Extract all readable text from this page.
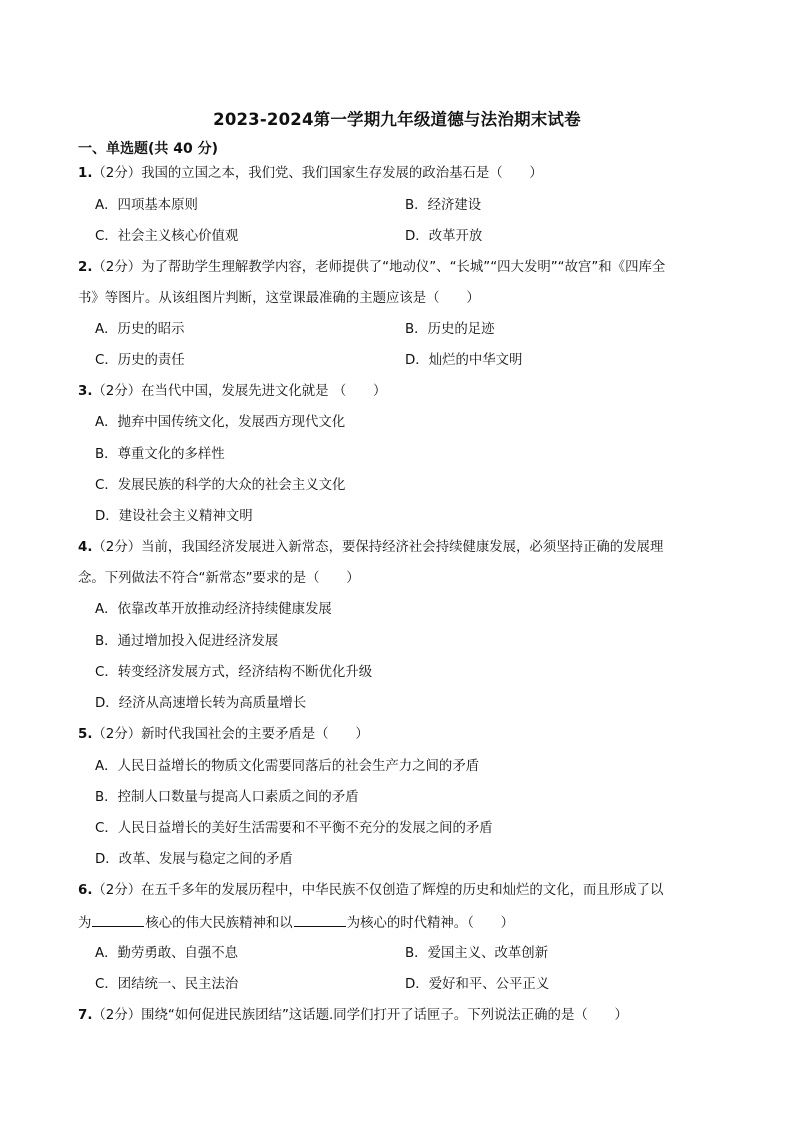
2023-2024第一学期九年级道德与法治期末试卷
一、单选题(共 40 分)
1.（2分）我国的立国之本，我们党、我们国家生存发展的政治基石是（　　）
A．四项基本原则	B．经济建设
C．社会主义核心价值观	D．改革开放
2.（2分）为了帮助学生理解教学内容，老师提供了“地动仪”、“长城”“四大发明”“故宫”和《四库全
书》等图片。从该组图片判断，这堂课最准确的主题应该是（　　）
A．历史的昭示	B．历史的足迹
C．历史的责任	D．灿烂的中华文明
3.（2分）在当代中国，发展先进文化就是 （　　）
A．抛弃中国传统文化，发展西方现代文化
B．尊重文化的多样性
C．发展民族的科学的大众的社会主义文化
D．建设社会主义精神文明
4.（2分）当前，我国经济发展进入新常态，要保持经济社会持续健康发展，必须坚持正确的发展理
念。下列做法不符合“新常态”要求的是（　　）
A．依靠改革开放推动经济持续健康发展
B．通过增加投入促进经济发展
C．转变经济发展方式，经济结构不断优化升级
D．经济从高速增长转为高质量增长
5.（2分）新时代我国社会的主要矛盾是（　　）
A．人民日益增长的物质文化需要同落后的社会生产力之间的矛盾
B．控制人口数量与提高人口素质之间的矛盾
C．人民日益增长的美好生活需要和不平衡不充分的发展之间的矛盾
D．改革、发展与稳定之间的矛盾
6.（2分）在五千多年的发展历程中，中华民族不仅创造了辉煌的历史和灿烂的文化，而且形成了以
为	核心的伟大民族精神和以	为核心的时代精神。（　　）
A．勤劳勇敢、自强不息	B．爱国主义、改革创新
C．团结统一、民主法治	D．爱好和平、公平正义
7.（2分）围绕“如何促进民族团结”这话题.同学们打开了话匣子。下列说法正确的是（　　）
